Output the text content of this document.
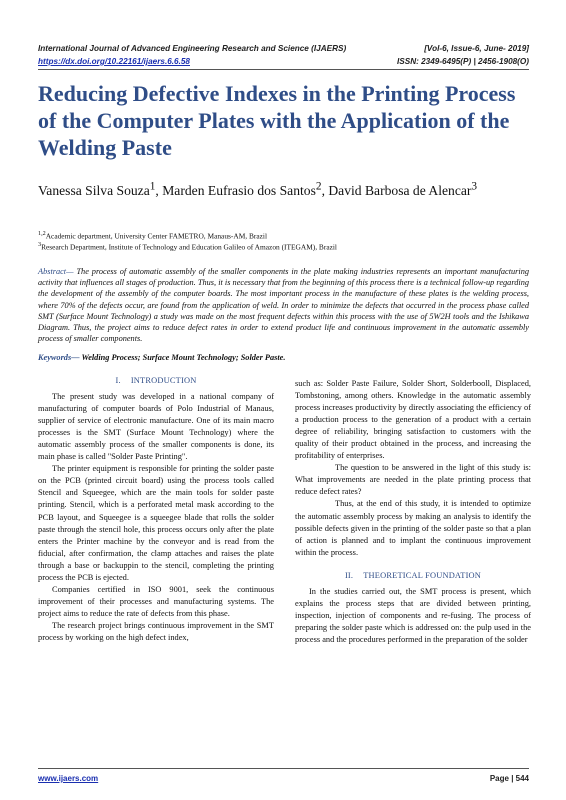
International Journal of Advanced Engineering Research and Science (IJAERS)	[Vol-6, Issue-6, June- 2019]
https://dx.doi.org/10.22161/ijaers.6.6.58	ISSN: 2349-6495(P) | 2456-1908(O)
Reducing Defective Indexes in the Printing Process of the Computer Plates with the Application of the Welding Paste
Vanessa Silva Souza$^1$, Marden Eufrasio dos Santos$^2$, David Barbosa de Alencar$^3$
$^{1,2}$Academic department, University Center FAMETRO, Manaus-AM, Brazil
$^3$Research Department, Institute of Technology and Education Galileo of Amazon (ITEGAM), Brazil
Abstract— The process of automatic assembly of the smaller components in the plate making industries represents an important manufacturing activity that influences all stages of production. Thus, it is necessary that from the beginning of this process there is a technical follow-up regarding the development of the assembly of the computer boards. The most important process in the manufacture of these plates is the welding process, where 70% of the defects occur, are found from the application of weld. In order to minimize the defects that occurred in the process phase called SMT (Surface Mount Technology) a study was made on the most frequent defects within this process with the use of 5W2H tools and the Ishikawa Diagram. Thus, the project aims to reduce defect rates in order to extend product life and continuous improvement in the automatic assembly process of smaller components.
Keywords— Welding Process; Surface Mount Technology; Solder Paste.
I. INTRODUCTION

The present study was developed in a national company of manufacturing of computer boards of Polo Industrial of Manaus, supplier of service of electronic manufacture. One of its main macro processes is the SMT (Surface Mount Technology) where the automatic assembly process of the smaller components is done, its main phase is called "Solder Paste Printing".

The printer equipment is responsible for printing the solder paste on the PCB (printed circuit board) using the process tools called Stencil and Squeegee, which are the main tools for solder paste printing. Stencil, which is a perforated metal mask according to the PCB layout, and Squeegee is a squeegee blade that rolls the solder paste through the stencil hole, this process occurs only after the plate enters the Printer machine by the conveyor and is read from the fiducial, after confirmation, the clamp attaches and raises the plate through a base or backuppin to the stencil, completing the printing process the PCB is ejected.

Companies certified in ISO 9001, seek the continuous improvement of their processes and manufacturing systems. The project aims to reduce the rate of defects from this phase.

The research project brings continuous improvement in the SMT process by working on the high defect index,

such as: Solder Paste Failure, Solder Short, Solderbooll, Displaced, Tombstoning, among others. Knowledge in the automatic assembly process increases productivity by directly associating the efficiency of a production process to the generation of a product with a certain degree of reliability, bringing satisfaction to customers with the quality of their product obtained in the process, and increasing the profitability of enterprises.

The question to be answered in the light of this study is: What improvements are needed in the plate printing process that reduce defect rates?

Thus, at the end of this study, it is intended to optimize the automatic assembly process by making an analysis to identify the possible defects given in the printing of the solder paste so that a plan of action is planned and to implant the continuous improvement within the process.

II. THEORETICAL FOUNDATION

In the studies carried out, the SMT process is present, which explains the process steps that are divided between printing, inspection, injection of components and re-fusing. The process of preparing the solder paste which is addressed on: the pulp used in the process and the procedures performed in the preparation of the solder

www.ijaers.com	Page | 544
